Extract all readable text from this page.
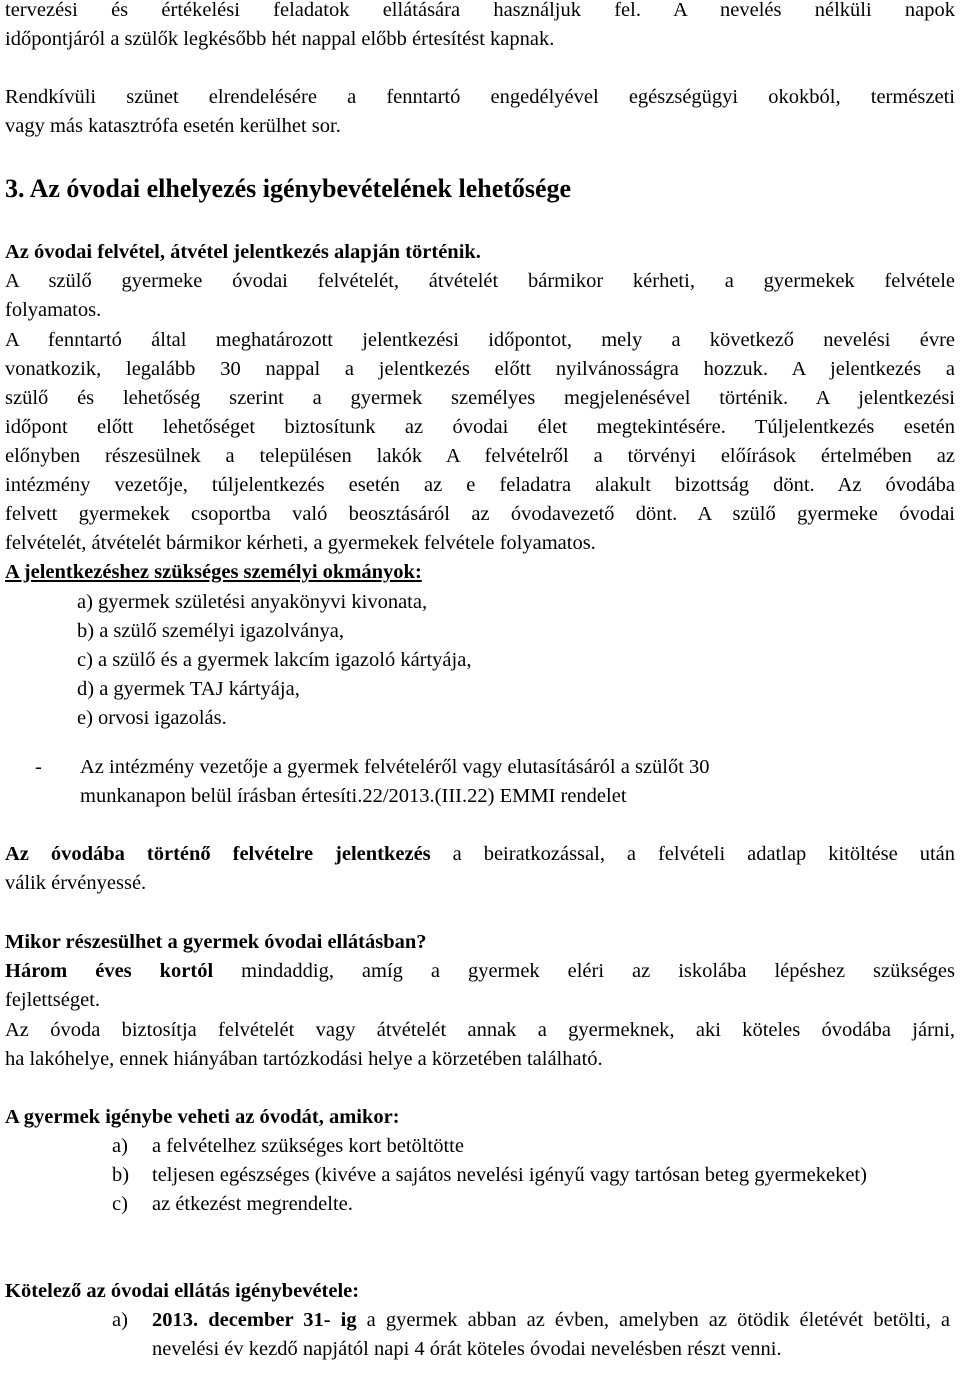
tervezési és értékelési feladatok ellátására használjuk fel. A nevelés nélküli napok

időpontjáról a szülők legkésőbb hét nappal előbb értesítést kapnak.

Rendkívüli szünet elrendelésére a fenntartó engedélyével egészségügyi okokból, természeti

vagy más katasztrófa esetén kerülhet sor.

3. Az óvodai elhelyezés igénybevételének lehetősége

Az óvodai felvétel, átvétel jelentkezés alapján történik.

A szülő gyermeke óvodai felvételét, átvételét bármikor kérheti, a gyermekek felvétele

folyamatos.

A fenntartó által meghatározott jelentkezési időpontot, mely a következő nevelési évre

vonatkozik, legalább 30 nappal a jelentkezés előtt nyilvánosságra hozzuk. A jelentkezés a

szülő és lehetőség szerint a gyermek személyes megjelenésével történik. A jelentkezési

időpont előtt lehetőséget biztosítunk az óvodai élet megtekintésére. Túljelentkezés esetén

előnyben részesülnek a településen lakók A felvételről a törvényi előírások értelmében az

intézmény vezetője, túljelentkezés esetén az e feladatra alakult bizottság dönt. Az óvodába

felvett gyermekek csoportba való beosztásáról az óvodavezető dönt. A szülő gyermeke óvodai

felvételét, átvételét bármikor kérheti, a gyermekek felvétele folyamatos.

A jelentkezéshez szükséges személyi okmányok:

a) gyermek születési anyakönyvi kivonata,

b) a szülő személyi igazolványa,

c) a szülő és a gyermek lakcím igazoló kártyája,

d) a gyermek TAJ kártyája,

e) orvosi igazolás.

-	Az intézmény vezetője a gyermek felvételéről vagy elutasításáról a szülőt 30

munkanapon belül írásban értesíti.22/2013.(III.22) EMMI rendelet

Az óvodába történő felvételre jelentkezés a beiratkozással, a felvételi adatlap kitöltése után

válik érvényessé.

Mikor részesülhet a gyermek óvodai ellátásban?

Három éves kortól mindaddig, amíg a gyermek eléri az iskolába lépéshez szükséges

fejlettséget.

Az óvoda biztosítja felvételét vagy átvételét annak a gyermeknek, aki köteles óvodába járni,

ha lakóhelye, ennek hiányában tartózkodási helye a körzetében található.

A gyermek igénybe veheti az óvodát, amikor:

a)	a felvételhez szükséges kort betöltötte
b)	teljesen egészséges (kivéve a sajátos nevelési igényű vagy tartósan beteg gyermekeket)
c)	az étkezést megrendelte.

Kötelező az óvodai ellátás igénybevétele:

a)	2013. december 31- ig a gyermek abban az évben, amelyben az ötödik életévét betölti, a nevelési év kezdő napjától napi 4 órát köteles óvodai nevelésben részt venni.
